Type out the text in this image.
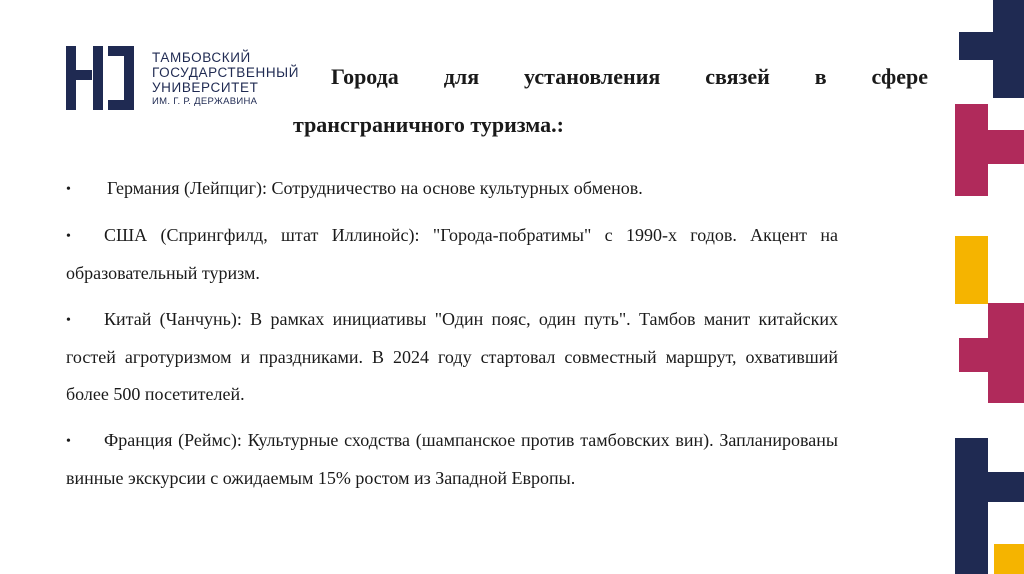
ТАМБОВСКИЙ
ГОСУДАРСТВЕННЫЙ
УНИВЕРСИТЕТ
ИМ. Г. Р. ДЕРЖАВИНА
Города для установления связей в сфере
трансграничного туризма.:
• Германия (Лейпциг): Сотрудничество на основе культурных обменов.
• США (Спрингфилд, штат Иллинойс): "Города-побратимы" с 1990-х годов. Акцент на образовательный туризм.
• Китай (Чанчунь): В рамках инициативы "Один пояс, один путь". Тамбов манит китайских гостей агротуризмом и праздниками. В 2024 году стартовал совместный маршрут, охвативший более 500 посетителей.
• Франция (Реймс): Культурные сходства (шампанское против тамбовских вин). Запланированы винные экскурсии с ожидаемым 15% ростом из Западной Европы.
